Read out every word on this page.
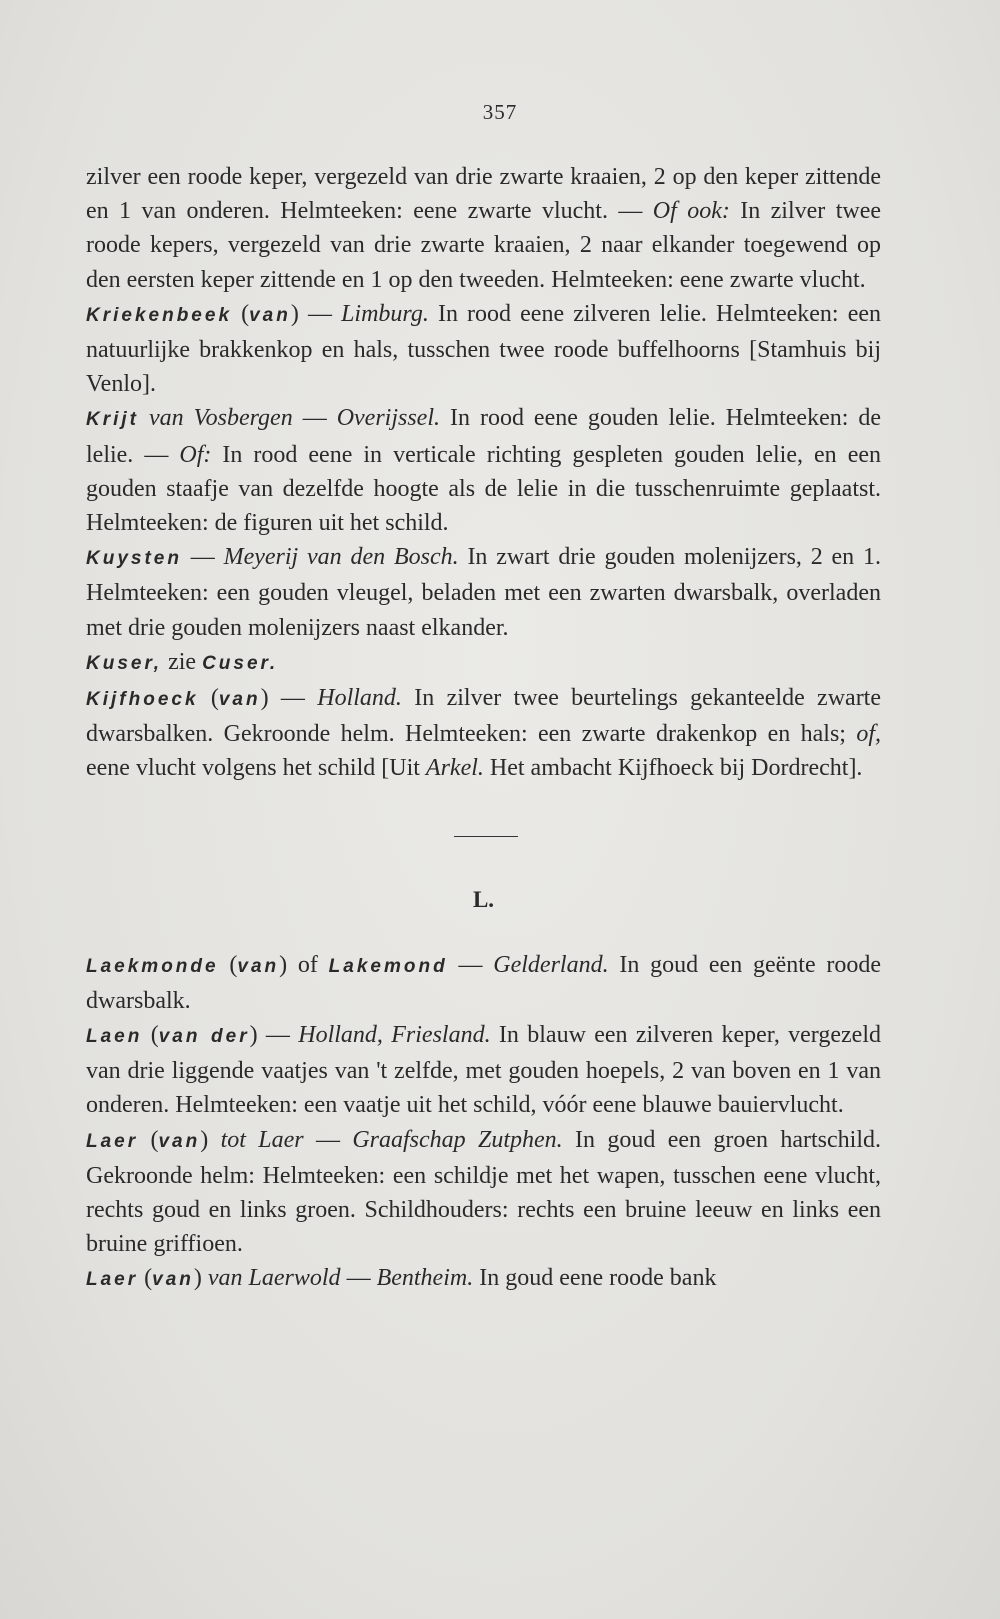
357

zilver een roode keper, vergezeld van drie zwarte kraaien, 2 op den keper zittende en 1 van onderen. Helmteeken: eene zwarte vlucht. — Of ook: In zilver twee roode kepers, vergezeld van drie zwarte kraaien, 2 naar elkander toegewend op den eersten keper zittende en 1 op den tweeden. Helmteeken: eene zwarte vlucht.

Kriekenbeek (van) — Limburg. In rood eene zilveren lelie. Helmteeken: een natuurlijke brakkenkop en hals, tusschen twee roode buffelhoorns [Stamhuis bij Venlo].

Krijt van Vosbergen — Overijssel. In rood eene gouden lelie. Helmteeken: de lelie. — Of: In rood eene in verticale richting gespleten gouden lelie, en een gouden staafje van dezelfde hoogte als de lelie in die tusschenruimte geplaatst. Helmteeken: de figuren uit het schild.

Kuysten — Meyerij van den Bosch. In zwart drie gouden molenijzers, 2 en 1. Helmteeken: een gouden vleugel, beladen met een zwarten dwarsbalk, overladen met drie gouden molenijzers naast elkander.

Kuser, zie Cuser.

Kijfhoeck (van) — Holland. In zilver twee beurtelings gekanteelde zwarte dwarsbalken. Gekroonde helm. Helmteeken: een zwarte drakenkop en hals; of, eene vlucht volgens het schild [Uit Arkel. Het ambacht Kijfhoeck bij Dordrecht].

L.

Laekmonde (van) of Lakemond — Gelderland. In goud een geënte roode dwarsbalk.

Laen (van der) — Holland, Friesland. In blauw een zilveren keper, vergezeld van drie liggende vaatjes van 't zelfde, met gouden hoepels, 2 van boven en 1 van onderen. Helmteeken: een vaatje uit het schild, vóór eene blauwe bauiervlucht.

Laer (van) tot Laer — Graafschap Zutphen. In goud een groen hartschild. Gekroonde helm: Helmteeken: een schildje met het wapen, tusschen eene vlucht, rechts goud en links groen. Schildhouders: rechts een bruine leeuw en links een bruine griffioen.

Laer (van) van Laerwold — Bentheim. In goud eene roode bank
